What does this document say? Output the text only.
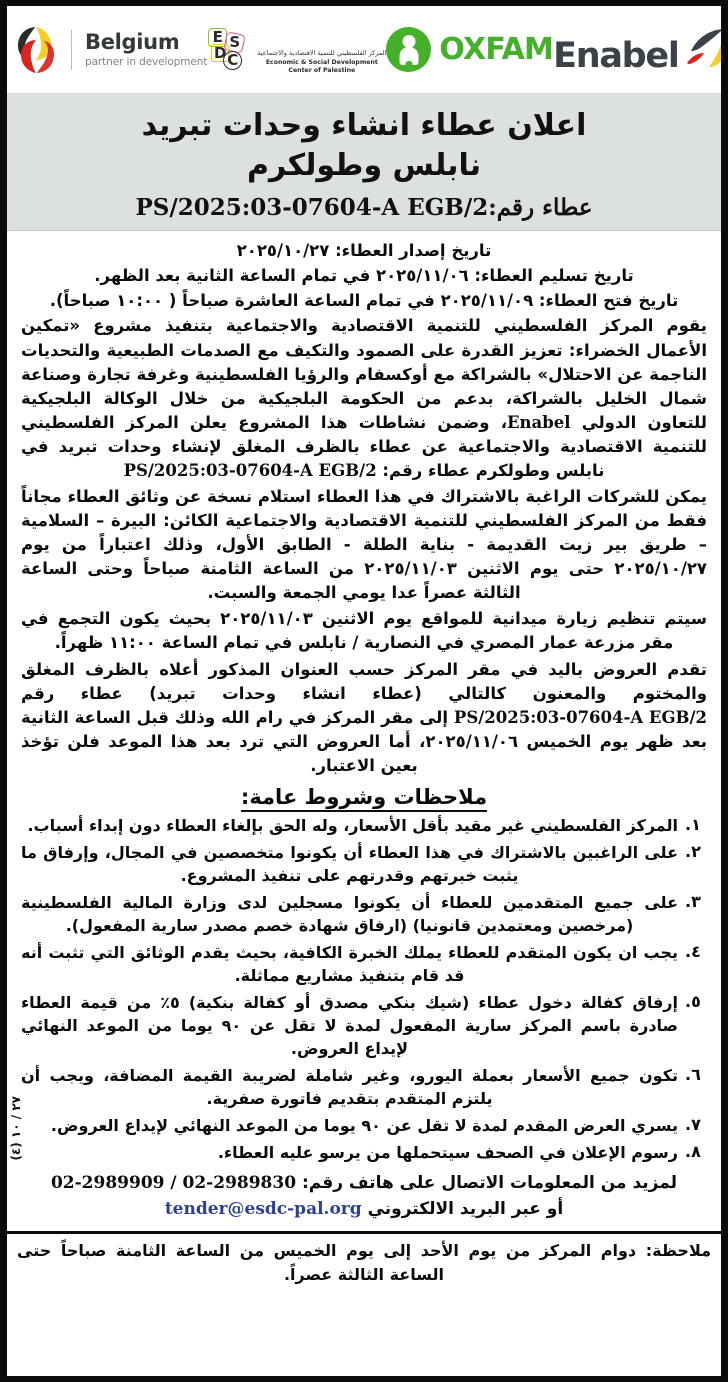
Belgium
partner in development
E S
D C	المركز الفلسطيني للتنمية الاقتصادية والاجتماعية
Economic & Social Development
Center of Palestine
OXFAM Enabel
اعلان عطاء انشاء وحدات تبريد
نابلس وطولكرم
عطاء رقم:PS/2025:03-07604-A EGB/2

تاريخ إصدار العطاء: ٢٠٢٥/١٠/٢٧

تاريخ تسليم العطاء: ٢٠٢٥/١١/٠٦ في تمام الساعة الثانية بعد الظهر.

تاريخ فتح العطاء: ٢٠٢٥/١١/٠٩ في تمام الساعة العاشرة صباحاً ( ١٠:٠٠ صباحاً).

يقوم المركز الفلسطيني للتنمية الاقتصادية والاجتماعية بتنفيذ مشروع «تمكين الأعمال الخضراء: تعزيز القدرة على الصمود والتكيف مع الصدمات الطبيعية والتحديات الناجمة عن الاحتلال» بالشراكة مع أوكسفام والرؤيا الفلسطينية وغرفة تجارة وصناعة شمال الخليل بالشراكة، بدعم من الحكومة البلجيكية من خلال الوكالة البلجيكية للتعاون الدولي Enabel، وضمن نشاطات هذا المشروع يعلن المركز الفلسطيني للتنمية الاقتصادية والاجتماعية عن عطاء بالظرف المغلق لإنشاء وحدات تبريد في نابلس وطولكرم عطاء رقم: PS/2025:03-07604-A EGB/2

يمكن للشركات الراغبة بالاشتراك في هذا العطاء استلام نسخة عن وثائق العطاء مجاناً فقط من المركز الفلسطيني للتنمية الاقتصادية والاجتماعية الكائن: البيرة – السلامية – طريق بير زيت القديمة - بناية الطلة - الطابق الأول، وذلك اعتباراً من يوم ٢٠٢٥/١٠/٢٧ حتى يوم الاثنين ٢٠٢٥/١١/٠٣ من الساعة الثامنة صباحاً وحتى الساعة الثالثة عصراً عدا يومي الجمعة والسبت.

سيتم تنظيم زيارة ميدانية للمواقع يوم الاثنين ٢٠٢٥/١١/٠٣ بحيث يكون التجمع في مقر مزرعة عمار المصري في النصارية / نابلس في تمام الساعة ١١:٠٠ ظهراً.

تقدم العروض باليد في مقر المركز حسب العنوان المذكور أعلاه بالظرف المغلق والمختوم والمعنون كالتالي (عطاء انشاء وحدات تبريد) عطاء رقم PS/2025:03-07604-A EGB/2 إلى مقر المركز في رام الله وذلك قبل الساعة الثانية بعد ظهر يوم الخميس ٢٠٢٥/١١/٠٦، أما العروض التي ترد بعد هذا الموعد فلن تؤخذ بعين الاعتبار.

ملاحظات وشروط عامة:
١.
المركز الفلسطيني غير مقيد بأقل الأسعار، وله الحق بإلغاء العطاء دون إبداء أسباب.
٢.
على الراغبين بالاشتراك في هذا العطاء أن يكونوا متخصصين في المجال، وإرفاق ما يثبت خبرتهم وقدرتهم على تنفيذ المشروع.
٣.
على جميع المتقدمين للعطاء أن يكونوا مسجلين لدى وزارة المالية الفلسطينية (مرخصين ومعتمدين قانونيا) (ارفاق شهادة خصم مصدر سارية المفعول).
٤.
يجب ان يكون المتقدم للعطاء يملك الخبرة الكافية، بحيث يقدم الوثائق التي تثبت أنه قد قام بتنفيذ مشاريع مماثلة.
٥.
إرفاق كفالة دخول عطاء (شيك بنكي مصدق أو كفالة بنكية) ٥٪ من قيمة العطاء صادرة باسم المركز سارية المفعول لمدة لا تقل عن ٩٠ يوما من الموعد النهائي لإيداع العروض.
٦.
تكون جميع الأسعار بعملة اليورو، وغير شاملة لضريبة القيمة المضافة، ويجب أن يلتزم المتقدم بتقديم فاتورة صفرية.
٧.
يسري العرض المقدم لمدة لا تقل عن ٩٠ يوما من الموعد النهائي لإيداع العروض.
٨.
رسوم الإعلان في الصحف سيتحملها من يرسو عليه العطاء.
لمزيد من المعلومات الاتصال على هاتف رقم: 02-2989909 / 02-2989830
أو عبر البريد الالكتروني tender@esdc-pal.org
ملاحظة: دوام المركز من يوم الأحد إلى يوم الخميس من الساعة الثامنة صباحاً حتى الساعة الثالثة عصراً.
٢٧ / ١٠ (٤)
